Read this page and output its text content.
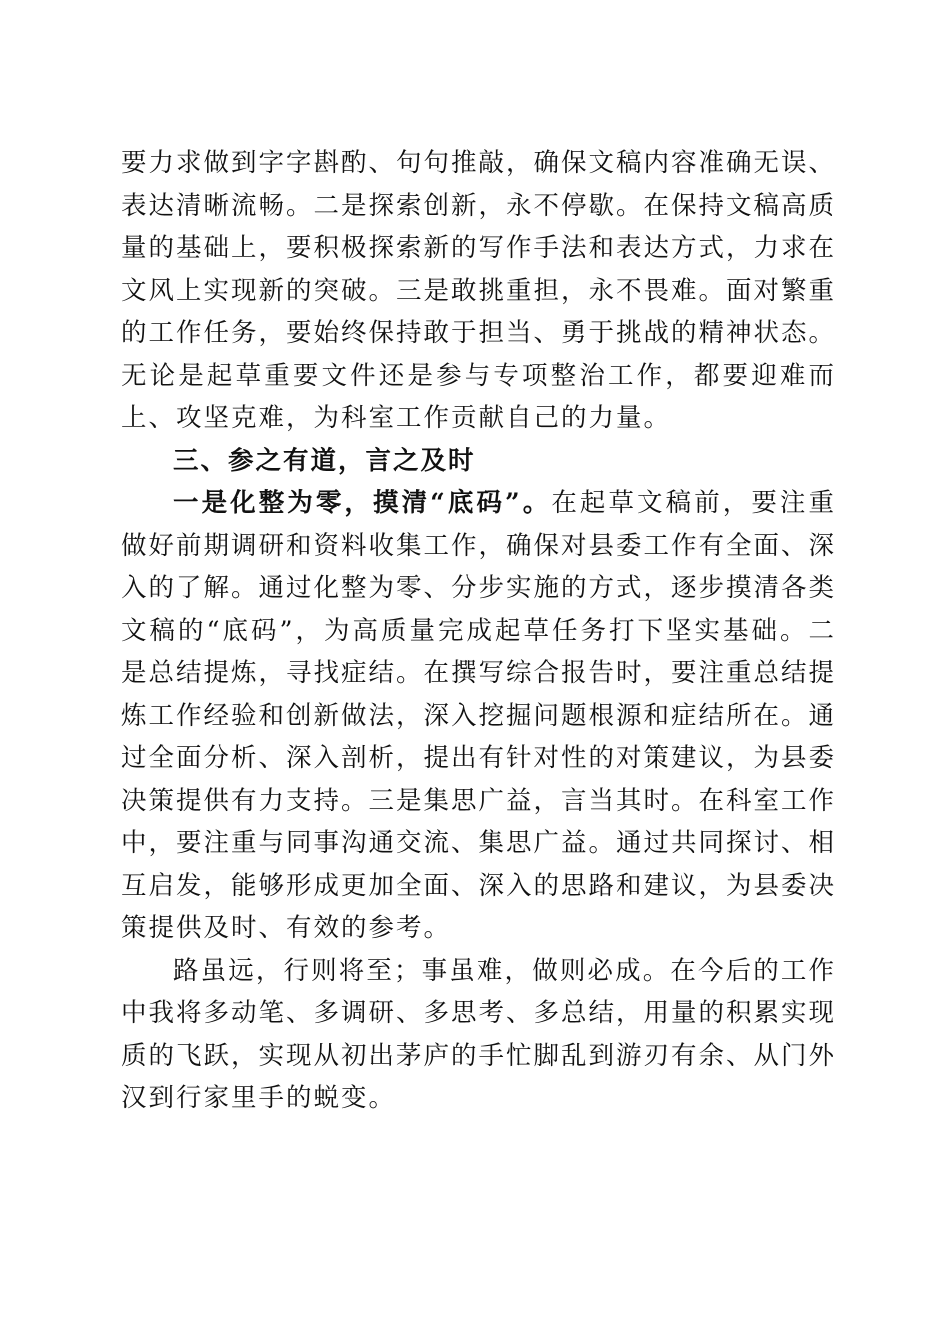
要力求做到字字斟酌、句句推敲，确保文稿内容准确无误、表达清晰流畅。二是探索创新，永不停歇。在保持文稿高质量的基础上，要积极探索新的写作手法和表达方式，力求在文风上实现新的突破。三是敢挑重担，永不畏难。面对繁重的工作任务，要始终保持敢于担当、勇于挑战的精神状态。无论是起草重要文件还是参与专项整治工作，都要迎难而上、攻坚克难，为科室工作贡献自己的力量。

三、参之有道，言之及时

一是化整为零，摸清“底码”。在起草文稿前，要注重做好前期调研和资料收集工作，确保对县委工作有全面、深入的了解。通过化整为零、分步实施的方式，逐步摸清各类文稿的“底码”，为高质量完成起草任务打下坚实基础。二是总结提炼，寻找症结。在撰写综合报告时，要注重总结提炼工作经验和创新做法，深入挖掘问题根源和症结所在。通过全面分析、深入剖析，提出有针对性的对策建议，为县委决策提供有力支持。三是集思广益，言当其时。在科室工作中，要注重与同事沟通交流、集思广益。通过共同探讨、相互启发，能够形成更加全面、深入的思路和建议，为县委决策提供及时、有效的参考。

路虽远，行则将至；事虽难，做则必成。在今后的工作中我将多动笔、多调研、多思考、多总结，用量的积累实现质的飞跃，实现从初出茅庐的手忙脚乱到游刃有余、从门外汉到行家里手的蜕变。
